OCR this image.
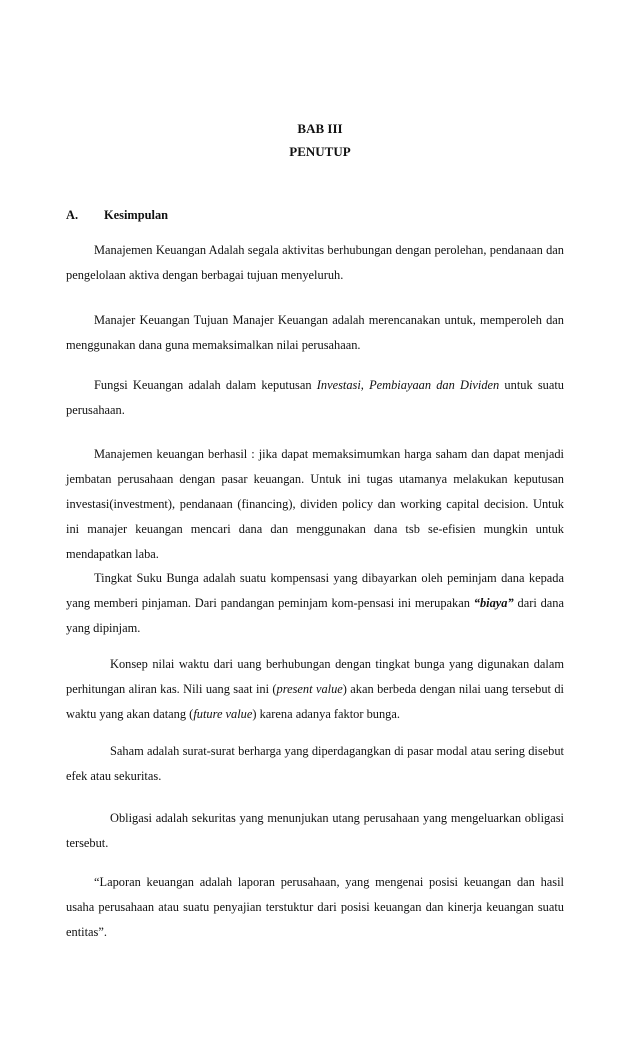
BAB III
PENUTUP
A. Kesimpulan

Manajemen Keuangan Adalah segala aktivitas berhubungan dengan perolehan, pendanaan dan pengelolaan aktiva dengan berbagai tujuan menyeluruh.

Manajer Keuangan Tujuan Manajer Keuangan adalah merencanakan untuk, memperoleh dan menggunakan dana guna memaksimalkan nilai perusahaan.

Fungsi Keuangan adalah dalam keputusan Investasi, Pembiayaan dan Dividen untuk suatu perusahaan.

Manajemen keuangan berhasil : jika dapat memaksimumkan harga saham dan dapat menjadi jembatan perusahaan dengan pasar keuangan. Untuk ini tugas utamanya melakukan keputusan investasi(investment), pendanaan (financing), dividen policy dan working capital decision. Untuk ini manajer keuangan mencari dana dan menggunakan dana tsb se-efisien mungkin untuk mendapatkan laba.

Tingkat Suku Bunga adalah suatu kompensasi yang dibayarkan oleh peminjam dana kepada yang memberi pinjaman. Dari pandangan peminjam kom-pensasi ini merupakan “biaya” dari dana yang dipinjam.

Konsep nilai waktu dari uang berhubungan dengan tingkat bunga yang digunakan dalam perhitungan aliran kas. Nili uang saat ini (present value) akan berbeda dengan nilai uang tersebut di waktu yang akan datang (future value) karena adanya faktor bunga.

Saham adalah surat-surat berharga yang diperdagangkan di pasar modal atau sering disebut efek atau sekuritas.

Obligasi adalah sekuritas yang menunjukan utang perusahaan yang mengeluarkan obligasi tersebut.

“Laporan keuangan adalah laporan perusahaan, yang mengenai posisi keuangan dan hasil usaha perusahaan atau suatu penyajian terstuktur dari posisi keuangan dan kinerja keuangan suatu entitas”.
